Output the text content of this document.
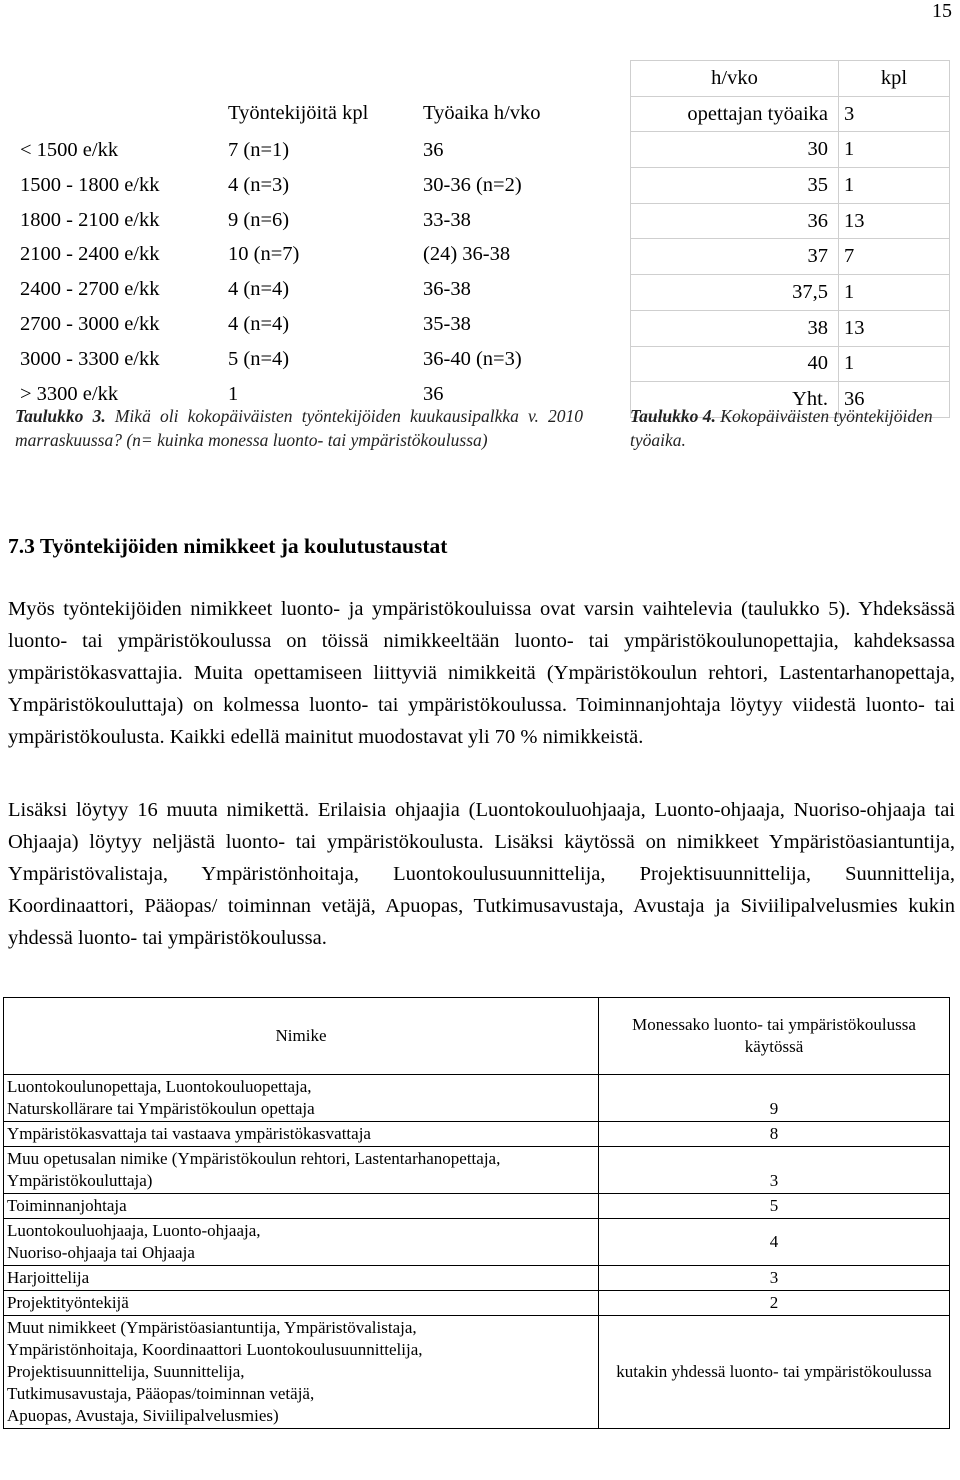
15
	Työntekijöitä kpl	Työaika h/vko
< 1500 e/kk	7 (n=1)	36
1500 - 1800 e/kk	4 (n=3)	30-36 (n=2)
1800 - 2100 e/kk	9 (n=6)	33-38
2100 - 2400 e/kk	10 (n=7)	(24) 36-38
2400 - 2700 e/kk	4 (n=4)	36-38
2700 - 3000 e/kk	4 (n=4)	35-38
3000 - 3300 e/kk	5 (n=4)	36-40 (n=3)
> 3300 e/kk	1	36
Taulukko 3. Mikä oli kokopäiväisten työntekijöiden kuukausipalkka v. 2010 marraskuussa? (n= kuinka monessa luonto- tai ympäristökoulussa)
h/vko	kpl
opettajan työaika	3
30	1
35	1
36	13
37	7
37,5	1
38	13
40	1
Yht.	36
Taulukko 4. Kokopäiväisten työntekijöiden työaika.
7.3 Työntekijöiden nimikkeet ja koulutustaustat

Myös työntekijöiden nimikkeet luonto- ja ympäristökouluissa ovat varsin vaihtelevia (taulukko 5). Yhdeksässä luonto- tai ympäristökoulussa on töissä nimikkeeltään luonto- tai ympäristökoulunopettajia, kahdeksassa ympäristökasvattajia. Muita opettamiseen liittyviä nimikkeitä (Ympäristökoulun rehtori, Lastentarhanopettaja, Ympäristökouluttaja) on kolmessa luonto- tai ympäristökoulussa. Toiminnanjohtaja löytyy viidestä luonto- tai ympäristökoulusta. Kaikki edellä mainitut muodostavat yli 70 % nimikkeistä.

Lisäksi löytyy 16 muuta nimikettä. Erilaisia ohjaajia (Luontokouluohjaaja, Luonto-ohjaaja, Nuoriso-ohjaaja tai Ohjaaja) löytyy neljästä luonto- tai ympäristökoulusta. Lisäksi käytössä on nimikkeet Ympäristöasiantuntija, Ympäristövalistaja, Ympäristönhoitaja, Luontokoulusuunnittelija, Projektisuunnittelija, Suunnittelija, Koordinaattori, Pääopas/ toiminnan vetäjä, Apuopas, Tutkimusavustaja, Avustaja ja Siviilipalvelusmies kukin yhdessä luonto- tai ympäristökoulussa.

Nimike	Monessako luonto- tai ympäristökoulussa käytössä

Luontokoulunopettaja, Luontokouluopettaja,
Naturskollärare tai Ympäristökoulun opettaja	9

Ympäristökasvattaja tai vastaava ympäristökasvattaja	8

Muu opetusalan nimike (Ympäristökoulun rehtori, Lastentarhanopettaja,
Ympäristökouluttaja)	3

Toiminnanjohtaja	5

Luontokouluohjaaja, Luonto-ohjaaja,
Nuoriso-ohjaaja tai Ohjaaja	4

Harjoittelija	3

Projektityöntekijä	2

Muut nimikkeet (Ympäristöasiantuntija, Ympäristövalistaja,
Ympäristönhoitaja, Koordinaattori Luontokoulusuunnittelija,
Projektisuunnittelija, Suunnittelija,
Tutkimusavustaja, Pääopas/toiminnan vetäjä,
Apuopas, Avustaja, Siviilipalvelusmies)	kutakin yhdessä luonto- tai ympäristökoulussa
